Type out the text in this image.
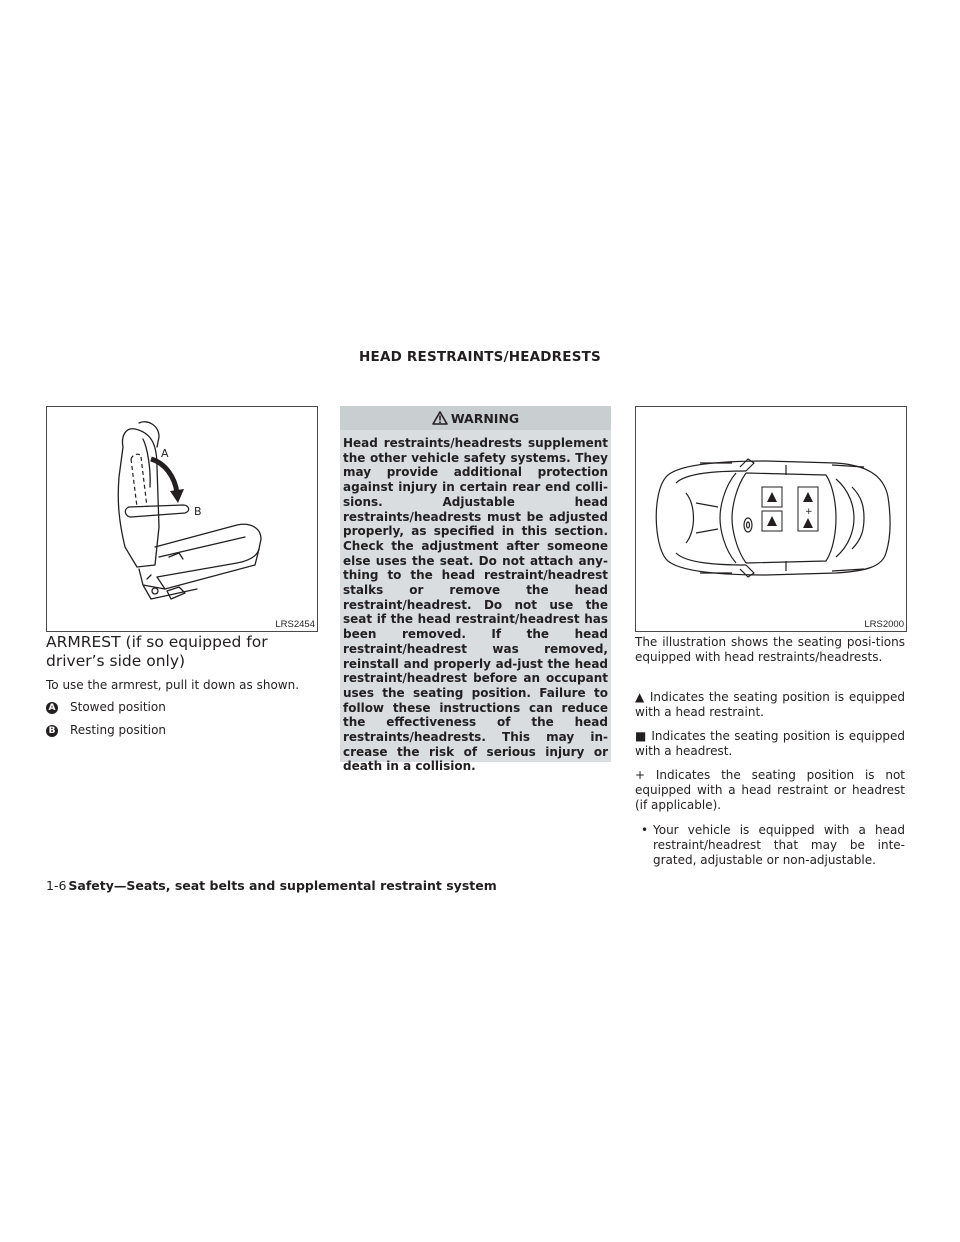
HEAD RESTRAINTS/HEADRESTS
A
B
LRS2454
ARMREST (if so equipped for driver’s side only)
To use the armrest, pull it down as shown.
A Stowed position
B Resting position
WARNING
Head restraints/headrests supplement the other vehicle safety systems. They may provide additional protection against injury in certain rear end colli-sions. Adjustable head restraints/headrests must be adjusted properly, as specified in this section. Check the adjustment after someone else uses the seat. Do not attach any-thing to the head restraint/headrest stalks or remove the head restraint/headrest. Do not use the seat if the head restraint/headrest has been removed. If the head restraint/headrest was removed, reinstall and properly ad-just the head restraint/headrest before an occupant uses the seating position. Failure to follow these instructions can reduce the effectiveness of the head restraints/headrests. This may in-crease the risk of serious injury or death in a collision.
+
LRS2000
The illustration shows the seating posi-tions equipped with head restraints/headrests.
▲ Indicates the seating position is equipped with a head restraint.
■ Indicates the seating position is equipped with a headrest.
+ Indicates the seating position is not equipped with a head restraint or headrest (if applicable).
• Your vehicle is equipped with a head restraint/headrest that may be inte-grated, adjustable or non-adjustable.
1-6 Safety—Seats, seat belts and supplemental restraint system
